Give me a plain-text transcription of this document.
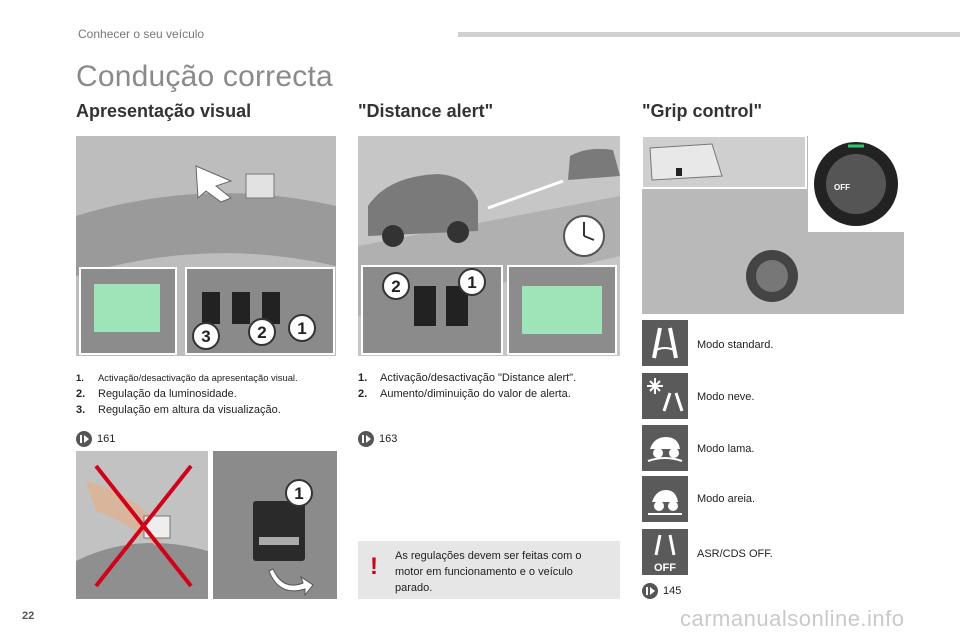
Conhecer o seu veículo
Condução correcta
Apresentação visual	"Distance alert"	"Grip control"
3	2 1
1.	Activação/desactivação da apresentação visual.
2.	Regulação da luminosidade.
3.	Regulação em altura da visualização.
161
1
2	1
1.	Activação/desactivação "Distance alert".
2.	Aumento/diminuição do valor de alerta.
163
! As regulações devem ser feitas com o motor em funcionamento e o veículo parado.
OFF
Modo standard.
Modo neve.
Modo lama.
Modo areia.
OFF
ASR/CDS OFF.
145
22	carmanualsonline.info
